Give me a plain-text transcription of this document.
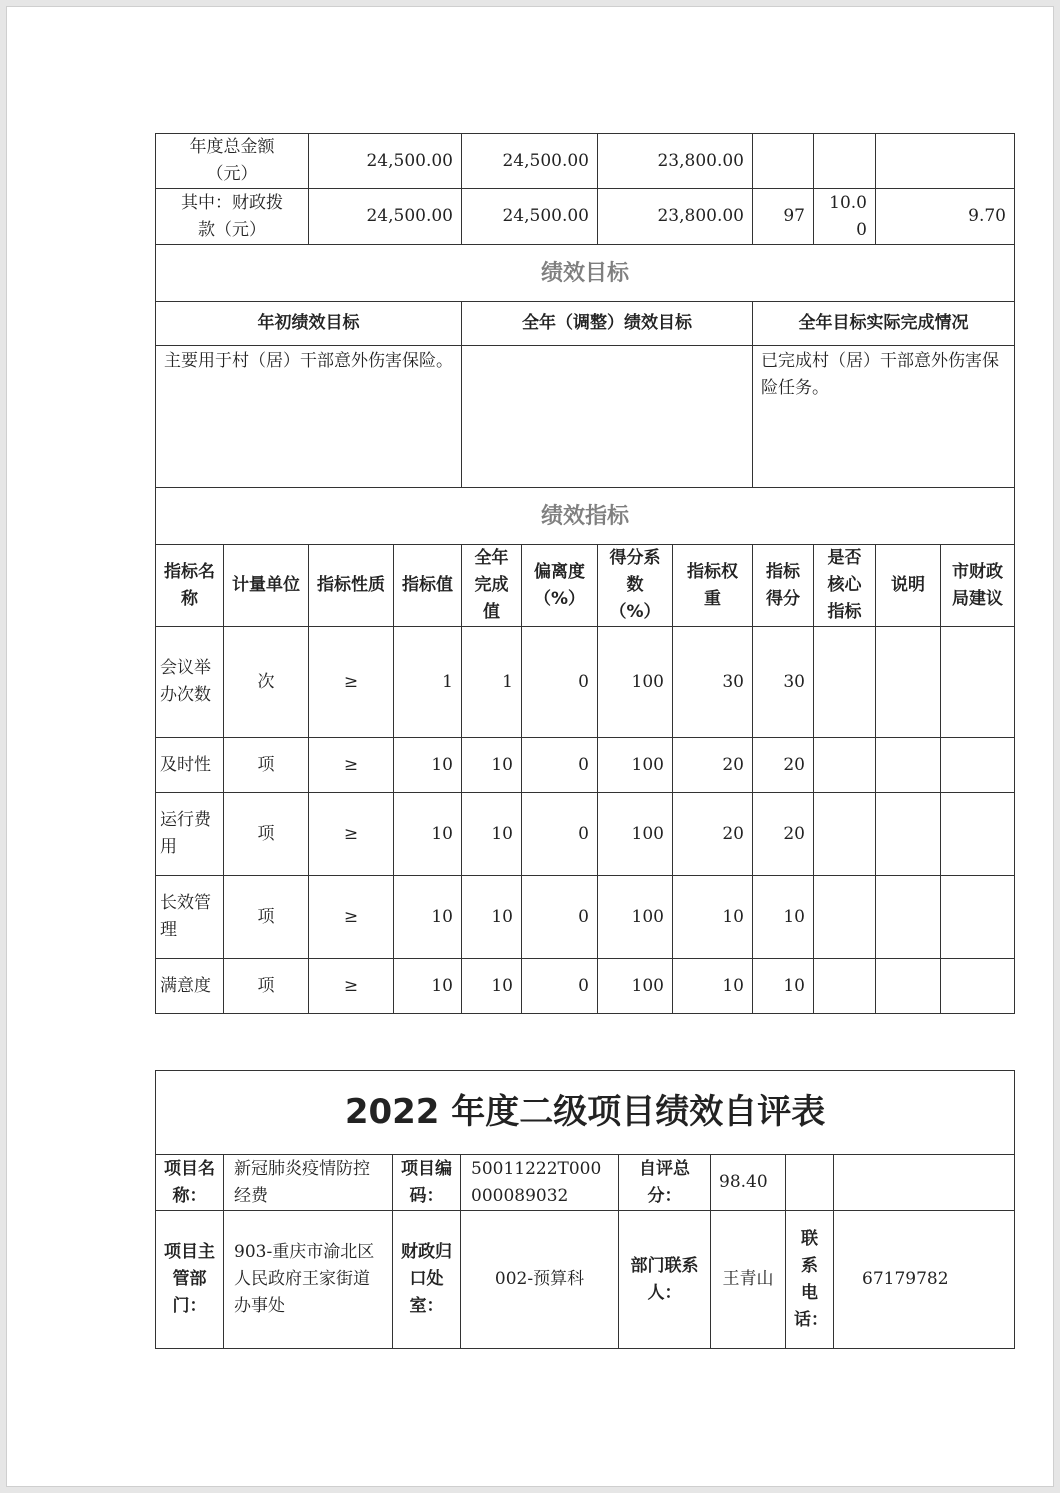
年度总金额
（元）		24,500.00		24,500.00		23,800.00					

其中：财政拨
款（元）		24,500.00		24,500.00		23,800.00		97	10.00	9.70	
绩效目标											
年初绩效目标				全年（调整）绩效目标				全年目标实际完成情况			
主要用于村（居）干部意外伤害保险。								已完成村（居）干部意外伤害保险任务。			
绩效指标											
指标名称	计量单位	指标性质	指标值	全年完成值	偏离度（%）	得分系数（%）	指标权重	指标得分	是否核心指标	说明	市财政局建议
会议举办次数	次	≥	1	1	0	100	30	30			
及时性	项	≥	10	10	0	100	20	20			
运行费用	项	≥	10	10	0	100	20	20			
长效管理	项	≥	10	10	0	100	10	10			
满意度	项	≥	10	10	0	100	10	10			
2022 年度二级项目绩效自评表							
项目名称：	新冠肺炎疫情防控经费	项目编码：	50011222T000000089032	自评总分：	98.40		
项目主管部门：	903-重庆市渝北区人民政府王家街道办事处	财政归口处室：	002-预算科	部门联系人：	王青山	联系电话：	67179782
